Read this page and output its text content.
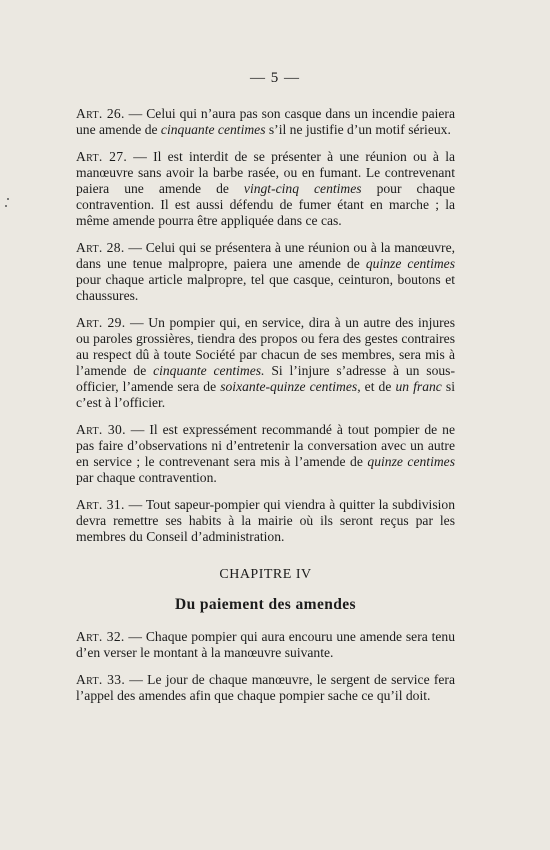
— 5 —

Art. 26. — Celui qui n’aura pas son casque dans un incendie paiera une amende de cinquante centimes s’il ne justifie d’un motif sérieux.

Art. 27. — Il est interdit de se présenter à une réunion ou à la manœuvre sans avoir la barbe rasée, ou en fumant. Le contrevenant paiera une amende de vingt-cinq centimes pour chaque contravention. Il est aussi défendu de fumer étant en marche ; la même amende pourra être appliquée dans ce cas.

Art. 28. — Celui qui se présentera à une réunion ou à la manœuvre, dans une tenue malpropre, paiera une amende de quinze centimes pour chaque article malpropre, tel que casque, ceinturon, boutons et chaussures.

Art. 29. — Un pompier qui, en service, dira à un autre des injures ou paroles grossières, tiendra des propos ou fera des gestes contraires au respect dû à toute Société par chacun de ses membres, sera mis à l’amende de cinquante centimes. Si l’injure s’adresse à un sous-officier, l’amende sera de soixante-quinze centimes, et de un franc si c’est à l’officier.

Art. 30. — Il est expressément recommandé à tout pompier de ne pas faire d’observations ni d’entretenir la conversation avec un autre en service ; le contrevenant sera mis à l’amende de quinze centimes par chaque contravention.

Art. 31. — Tout sapeur-pompier qui viendra à quitter la subdivision devra remettre ses habits à la mairie où ils seront reçus par les membres du Conseil d’administration.

CHAPITRE IV
Du paiement des amendes

Art. 32. — Chaque pompier qui aura encouru une amende sera tenu d’en verser le montant à la manœuvre suivante.

Art. 33. — Le jour de chaque manœuvre, le sergent de service fera l’appel des amendes afin que chaque pompier sache ce qu’il doit.
